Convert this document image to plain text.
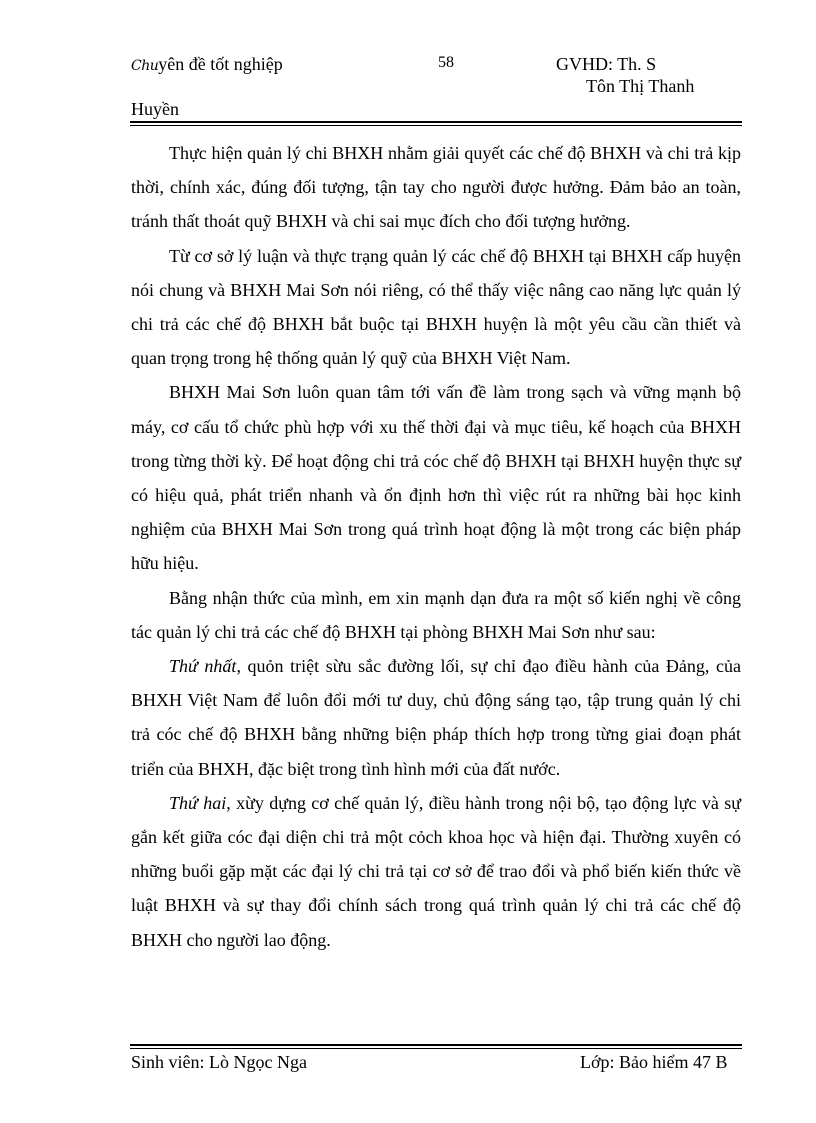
Chuyên đề tốt nghiệp	58	GVHD: Th. S
Tôn Thị Thanh
Huyền

Thực hiện quản lý chi BHXH nhằm giải quyết các chế độ BHXH và chi trả kịp thời, chính xác, đúng đối tượng, tận tay cho người được hưởng. Đảm bảo an toàn, tránh thất thoát quỹ BHXH và chi sai mục đích cho đối tượng hưởng.

Từ cơ sở lý luận và thực trạng quản lý các chế độ BHXH tại BHXH cấp huyện nói chung và BHXH Mai Sơn nói riêng, có thể thấy việc nâng cao năng lực quản lý chi trả các chế độ BHXH bắt buộc tại BHXH huyện là một yêu cầu cần thiết và quan trọng trong hệ thống quản lý quỹ của BHXH Việt Nam.

BHXH Mai Sơn luôn quan tâm tới vấn đề làm trong sạch và vững mạnh bộ máy, cơ cấu tổ chức phù hợp với xu thế thời đại và mục tiêu, kế hoạch của BHXH trong từng thời kỳ. Để hoạt động chi trả cóc chế độ BHXH tại BHXH huyện thực sự có hiệu quả, phát triển nhanh và ổn định hơn thì việc rút ra những bài học kinh nghiệm của BHXH Mai Sơn trong quá trình hoạt động là một trong các biện pháp hữu hiệu.

Bằng nhận thức của mình, em xin mạnh dạn đưa ra một số kiến nghị về công tác quản lý chi trả các chế độ BHXH tại phòng BHXH Mai Sơn như sau:

Thứ nhất, quỏn triệt sừu sắc đường lối, sự chỉ đạo điều hành của Đảng, của BHXH Việt Nam để luôn đổi mới tư duy, chủ động sáng tạo, tập trung quản lý chi trả cóc chế độ BHXH bằng những biện pháp thích hợp trong từng giai đoạn phát triển của BHXH, đặc biệt trong tình hình mới của đất nước.

Thứ hai, xừy dựng cơ chế quản lý, điều hành trong nội bộ, tạo động lực và sự gắn kết giữa cóc đại diện chi trả một cỏch khoa học và hiện đại. Thường xuyên có những buổi gặp mặt các đại lý chi trả tại cơ sở để trao đổi và phổ biến kiến thức về luật BHXH và sự thay đổi chính sách trong quá trình quản lý chi trả các chế độ BHXH cho người lao động.

Sinh viên: Lò Ngọc Nga	Lớp: Bảo hiểm 47 B
